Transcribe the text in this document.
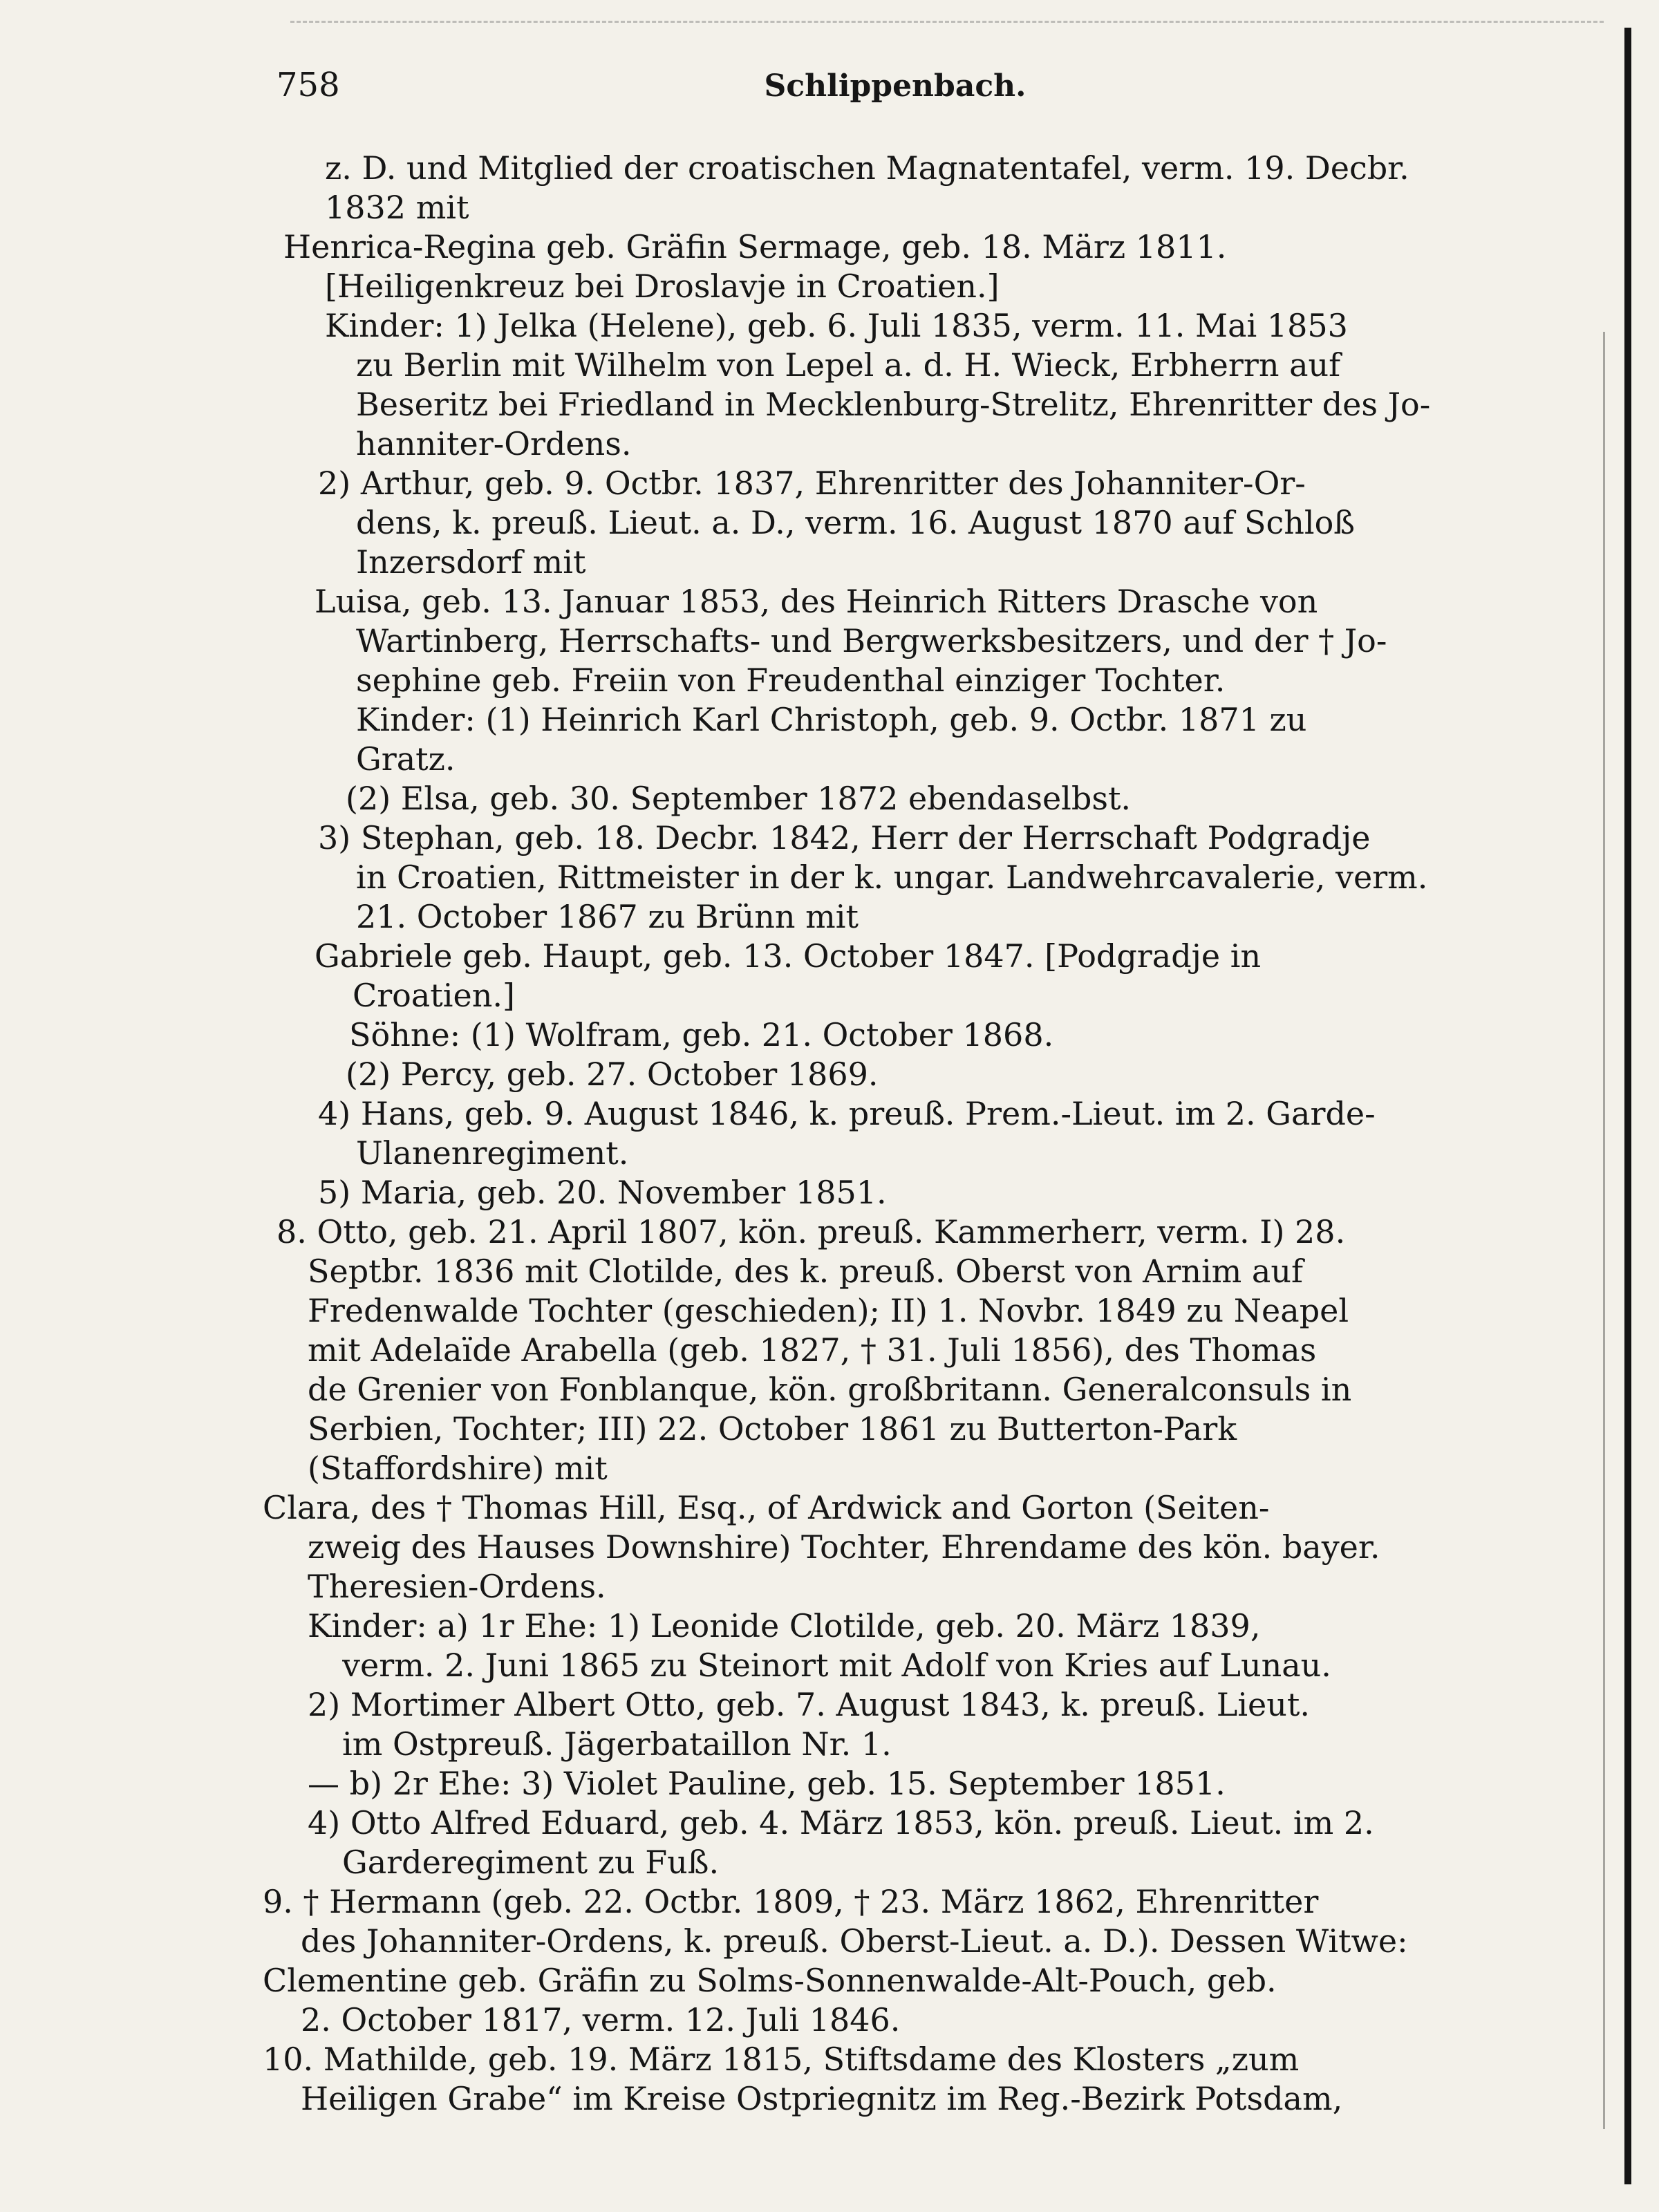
758	Schlippenbach.
z. D. und Mitglied der croatischen Magnatentafel, verm. 19. Decbr.
1832 mit
Henrica-Regina geb. Gräfin Sermage, geb. 18. März 1811.
[Heiligenkreuz bei Droslavje in Croatien.]
Kinder: 1) Jelka (Helene), geb. 6. Juli 1835, verm. 11. Mai 1853
zu Berlin mit Wilhelm von Lepel a. d. H. Wieck, Erbherrn auf
Beseritz bei Friedland in Mecklenburg-Strelitz, Ehrenritter des Jo-
hanniter-Ordens.
2) Arthur, geb. 9. Octbr. 1837, Ehrenritter des Johanniter-Or-
dens, k. preuß. Lieut. a. D., verm. 16. August 1870 auf Schloß
Inzersdorf mit
Luisa, geb. 13. Januar 1853, des Heinrich Ritters Drasche von
Wartinberg, Herrschafts- und Bergwerksbesitzers, und der † Jo-
sephine geb. Freiin von Freudenthal einziger Tochter.
Kinder: (1) Heinrich Karl Christoph, geb. 9. Octbr. 1871 zu
Gratz.
(2) Elsa, geb. 30. September 1872 ebendaselbst.
3) Stephan, geb. 18. Decbr. 1842, Herr der Herrschaft Podgradje
in Croatien, Rittmeister in der k. ungar. Landwehrcavalerie, verm.
21. October 1867 zu Brünn mit
Gabriele geb. Haupt, geb. 13. October 1847. [Podgradje in
Croatien.]
Söhne: (1) Wolfram, geb. 21. October 1868.
(2) Percy, geb. 27. October 1869.
4) Hans, geb. 9. August 1846, k. preuß. Prem.-Lieut. im 2. Garde-
Ulanenregiment.
5) Maria, geb. 20. November 1851.
8. Otto, geb. 21. April 1807, kön. preuß. Kammerherr, verm. I) 28.
Septbr. 1836 mit Clotilde, des k. preuß. Oberst von Arnim auf
Fredenwalde Tochter (geschieden); II) 1. Novbr. 1849 zu Neapel
mit Adelaïde Arabella (geb. 1827, † 31. Juli 1856), des Thomas
de Grenier von Fonblanque, kön. großbritann. Generalconsuls in
Serbien, Tochter; III) 22. October 1861 zu Butterton-Park
(Staffordshire) mit
Clara, des † Thomas Hill, Esq., of Ardwick and Gorton (Seiten-
zweig des Hauses Downshire) Tochter, Ehrendame des kön. bayer.
Theresien-Ordens.
Kinder: a) 1r Ehe: 1) Leonide Clotilde, geb. 20. März 1839,
verm. 2. Juni 1865 zu Steinort mit Adolf von Kries auf Lunau.
2) Mortimer Albert Otto, geb. 7. August 1843, k. preuß. Lieut.
im Ostpreuß. Jägerbataillon Nr. 1.
— b) 2r Ehe: 3) Violet Pauline, geb. 15. September 1851.
4) Otto Alfred Eduard, geb. 4. März 1853, kön. preuß. Lieut. im 2.
Garderegiment zu Fuß.
9. † Hermann (geb. 22. Octbr. 1809, † 23. März 1862, Ehrenritter
des Johanniter-Ordens, k. preuß. Oberst-Lieut. a. D.). Dessen Witwe:
Clementine geb. Gräfin zu Solms-Sonnenwalde-Alt-Pouch, geb.
2. October 1817, verm. 12. Juli 1846.
10. Mathilde, geb. 19. März 1815, Stiftsdame des Klosters „zum
Heiligen Grabe“ im Kreise Ostpriegnitz im Reg.-Bezirk Potsdam,
